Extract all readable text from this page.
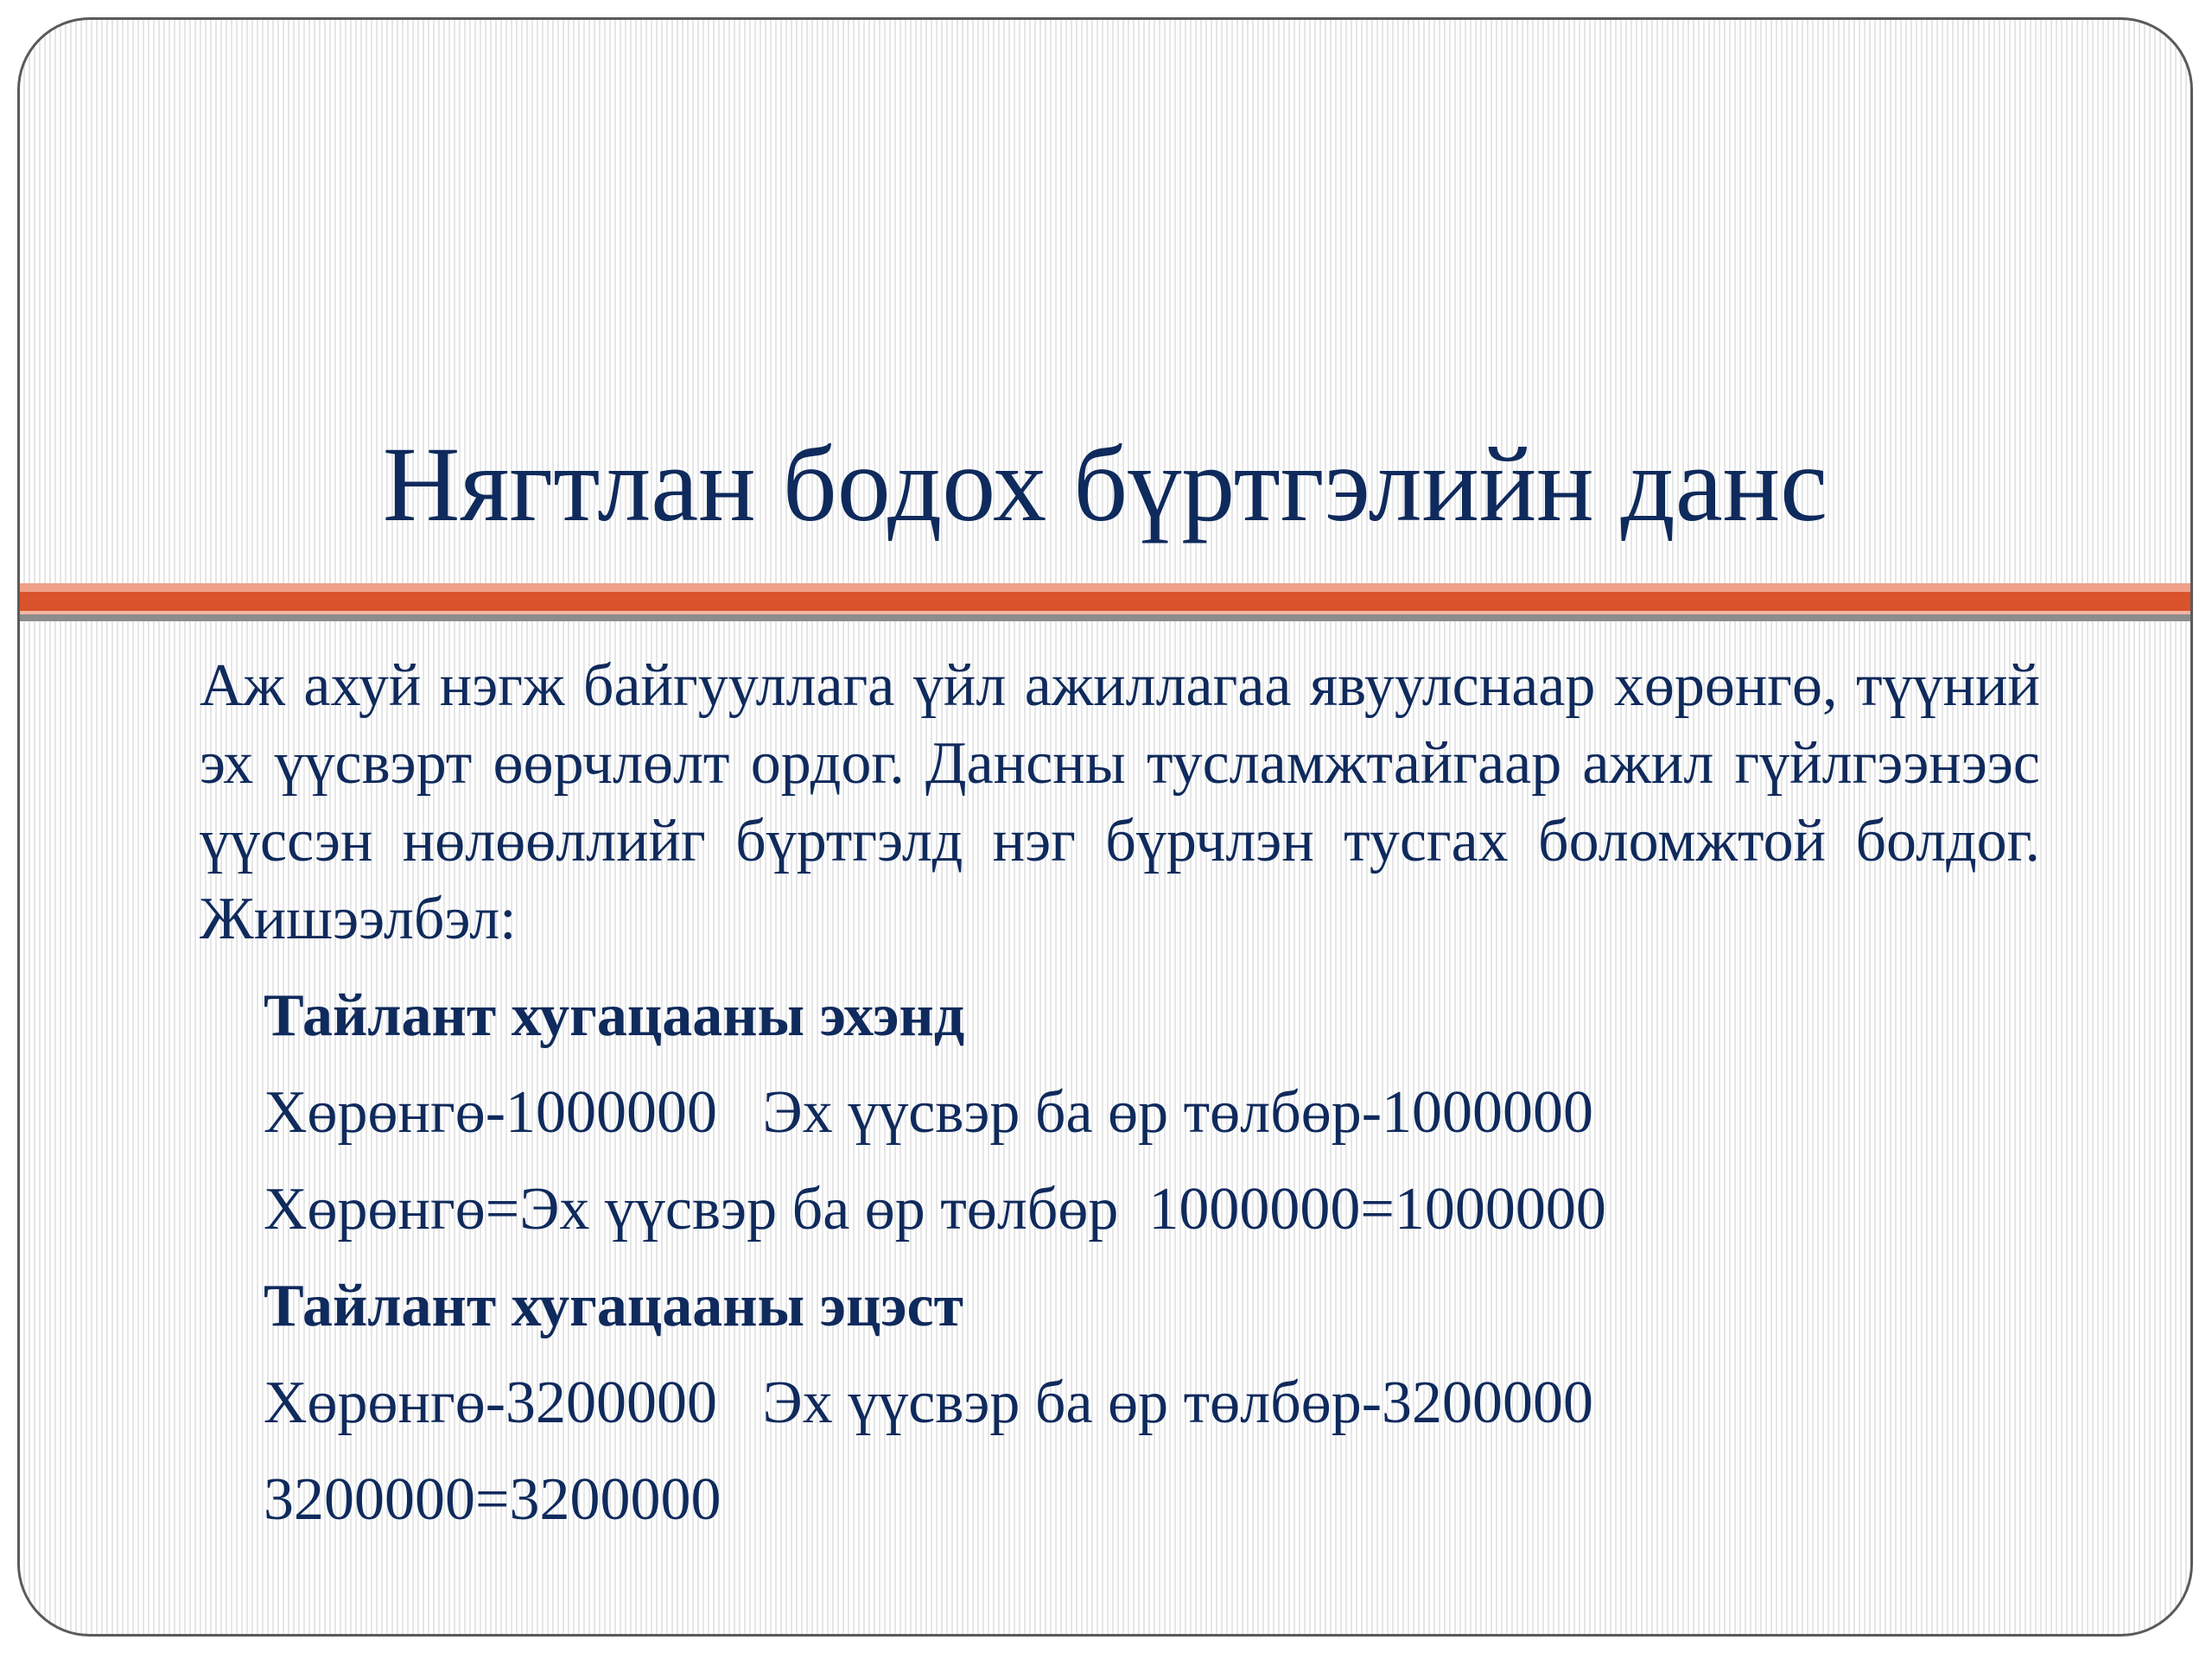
Нягтлан бодох бүртгэлийн данс

Аж ахуй нэгж байгууллага үйл ажиллагаа явуулснаар хөрөнгө, түүний эх үүсвэрт өөрчлөлт ордог. Дансны тусламжтайгаар ажил гүйлгээнээс үүссэн нөлөөллийг бүртгэлд нэг бүрчлэн тусгах боломжтой болдог. Жишээлбэл:

Тайлант хугацааны эхэнд
Хөрөнгө-1000000   Эх үүсвэр ба өр төлбөр-1000000
Хөрөнгө=Эх үүсвэр ба өр төлбөр  1000000=1000000
Тайлант хугацааны эцэст
Хөрөнгө-3200000   Эх үүсвэр ба өр төлбөр-3200000
3200000=3200000
